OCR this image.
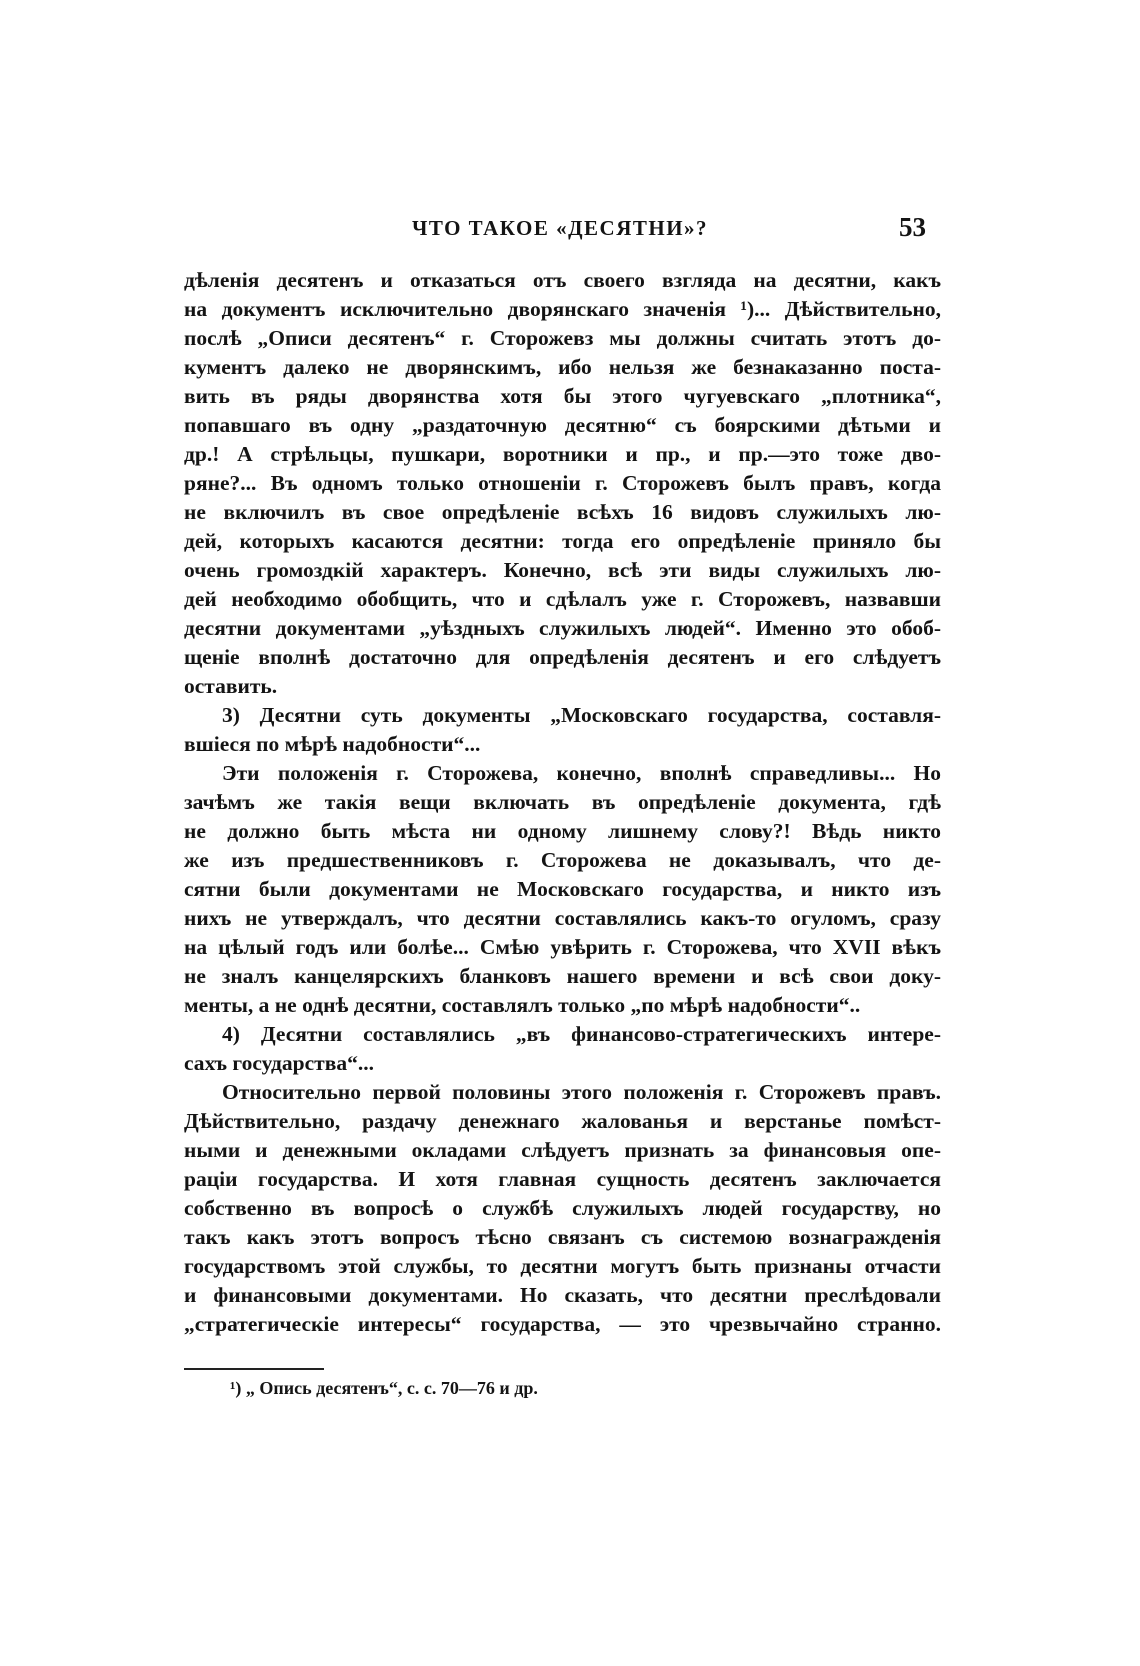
ЧТО ТАКОЕ «ДЕСЯТНИ»?	53
дѣленія десятенъ и отказаться отъ своего взгляда на десятни, какъ
на документъ исключительно дворянскаго значенія ¹)... Дѣйствительно,
послѣ „Описи десятенъ“ г. Сторожевз мы должны считать этотъ до-
кументъ далеко не дворянскимъ, ибо нельзя же безнаказанно поста-
вить въ ряды дворянства хотя бы этого чугуевскаго „плотника“,
попавшаго въ одну „раздаточную десятню“ съ боярскими дѣтьми и
др.! А стрѣльцы, пушкари, воротники и пр., и пр.—это тоже дво-
ряне?... Въ одномъ только отношеніи г. Сторожевъ былъ правъ, когда
не включилъ въ свое опредѣленіе всѣхъ 16 видовъ служилыхъ лю-
дей, которыхъ касаются десятни: тогда его опредѣленіе приняло бы
очень громоздкій характеръ. Конечно, всѣ эти виды служилыхъ лю-
дей необходимо обобщить, что и сдѣлалъ уже г. Сторожевъ, назвавши
десятни документами „уѣздныхъ служилыхъ людей“. Именно это обоб-
щеніе вполнѣ достаточно для опредѣленія десятенъ и его слѣдуетъ
оставить.
3) Десятни суть документы „Московскаго государства, составля-
вшіеся по мѣрѣ надобности“...
Эти положенія г. Сторожева, конечно, вполнѣ справедливы... Но
зачѣмъ же такія вещи включать въ опредѣленіе документа, гдѣ
не должно быть мѣста ни одному лишнему слову?! Вѣдь никто
же изъ предшественниковъ г. Сторожева не доказывалъ, что де-
сятни были документами не Московскаго государства, и никто изъ
нихъ не утверждалъ, что десятни составлялись какъ-то огуломъ, сразу
на цѣлый годъ или болѣе... Смѣю увѣрить г. Сторожева, что XVII вѣкъ
не зналъ канцелярскихъ бланковъ нашего времени и всѣ свои доку-
менты, а не однѣ десятни, составлялъ только „по мѣрѣ надобности“..
4) Десятни составлялись „въ финансово-стратегическихъ интере-
сахъ государства“...
Относительно первой половины этого положенія г. Сторожевъ правъ.
Дѣйствительно, раздачу денежнаго жалованья и верстанье помѣст-
ными и денежными окладами слѣдуетъ признать за финансовыя опе-
раціи государства. И хотя главная сущность десятенъ заключается
собственно въ вопросѣ о службѣ служилыхъ людей государству, но
такъ какъ этотъ вопросъ тѣсно связанъ съ системою вознагражденія
государствомъ этой службы, то десятни могутъ быть признаны отчасти
и финансовыми документами. Но сказать, что десятни преслѣдовали
„стратегическіе интересы“ государства, — это чрезвычайно странно.
¹) „ Опись десятенъ“, с. с. 70—76 и др.
